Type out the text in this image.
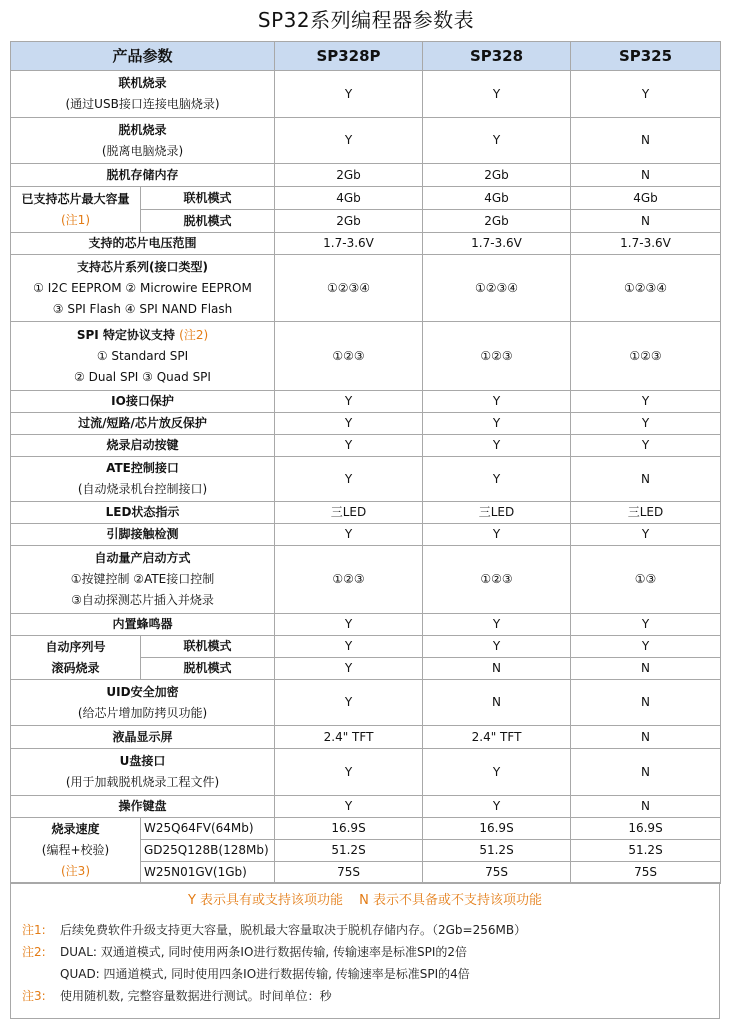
SP32系列编程器参数表
产品参数		SP328P	SP328	SP325

联机烧录
(通过USB接口连接电脑烧录)		Y	Y	Y

脱机烧录
(脱离电脑烧录)		Y	Y	N
脱机存储内存		2Gb	2Gb	N

已支持芯片最大容量
(注1)	联机模式	4Gb	4Gb	4Gb
	脱机模式	2Gb	2Gb	N
支持的芯片电压范围		1.7-3.6V	1.7-3.6V	1.7-3.6V

支持芯片系列(接口类型)
① I2C EEPROM ② Microwire EEPROM
③ SPI Flash ④ SPI NAND Flash		①②③④	①②③④	①②③④

SPI 特定协议支持 (注2)
① Standard SPI
② Dual SPI ③ Quad SPI		①②③	①②③	①②③
IO接口保护		Y	Y	Y
过流/短路/芯片放反保护		Y	Y	Y
烧录启动按键		Y	Y	Y

ATE控制接口
(自动烧录机台控制接口)		Y	Y	N
LED状态指示		三LED	三LED	三LED
引脚接触检测		Y	Y	Y

自动量产启动方式
①按键控制 ②ATE接口控制
③自动探测芯片插入并烧录		①②③	①②③	①③
内置蜂鸣器		Y	Y	Y

自动序列号
滚码烧录	联机模式	Y	Y	Y
	脱机模式	Y	N	N

UID安全加密
(给芯片增加防拷贝功能)		Y	N	N
液晶显示屏		2.4" TFT	2.4" TFT	N

U盘接口
(用于加载脱机烧录工程文件)		Y	Y	N
操作键盘		Y	Y	N

烧录速度
(编程+校验)
(注3)	W25Q64FV(64Mb)	16.9S	16.9S	16.9S
	GD25Q128B(128Mb)	51.2S	51.2S	51.2S
	W25N01GV(1Gb)	75S	75S	75S
Y 表示具有或支持该项功能 N 表示不具备或不支持该项功能
注1: 后续免费软件升级支持更大容量，脱机最大容量取决于脱机存储内存。（2Gb=256MB）
注2: DUAL: 双通道模式, 同时使用两条IO进行数据传输, 传输速率是标准SPI的2倍
QUAD: 四通道模式, 同时使用四条IO进行数据传输, 传输速率是标准SPI的4倍
注3: 使用随机数, 完整容量数据进行测试。时间单位：秒
